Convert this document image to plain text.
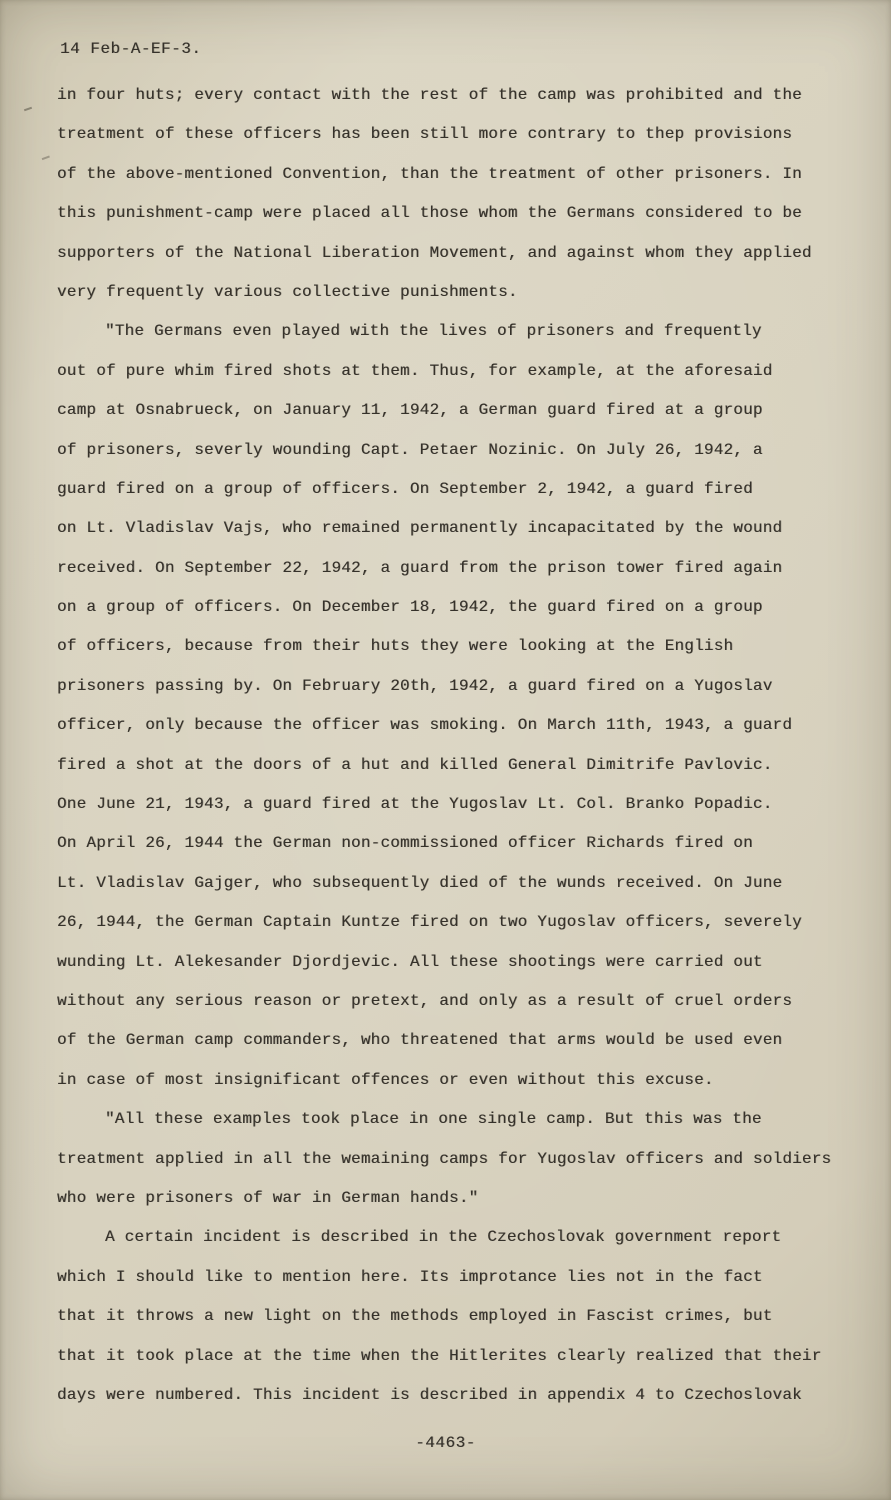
14 Feb-A-EF-3.
in four huts; every contact with the rest of the camp was prohibited and the
treatment of these officers has been still more contrary to thep provisions
of the above-mentioned Convention, than the treatment of other prisoners. In
this punishment-camp were placed all those whom the Germans considered to be
supporters of the National Liberation Movement, and against whom they applied
very frequently various collective punishments.
"The Germans even played with the lives of prisoners and frequently
out of pure whim fired shots at them. Thus, for example, at the aforesaid
camp at Osnabrueck, on January 11, 1942, a German guard fired at a group
of prisoners, severly wounding Capt. Petaer Nozinic. On July 26, 1942, a
guard fired on a group of officers. On September 2, 1942, a guard fired
on Lt. Vladislav Vajs, who remained permanently incapacitated by the wound
received. On September 22, 1942, a guard from the prison tower fired again
on a group of officers. On December 18, 1942, the guard fired on a group
of officers, because from their huts they were looking at the English
prisoners passing by. On February 20th, 1942, a guard fired on a Yugoslav
officer, only because the officer was smoking. On March 11th, 1943, a guard
fired a shot at the doors of a hut and killed General Dimitrife Pavlovic.
One June 21, 1943, a guard fired at the Yugoslav Lt. Col. Branko Popadic.
On April 26, 1944 the German non-commissioned officer Richards fired on
Lt. Vladislav Gajger, who subsequently died of the wunds received. On June
26, 1944, the German Captain Kuntze fired on two Yugoslav officers, severely
wunding Lt. Alekesander Djordjevic. All these shootings were carried out
without any serious reason or pretext, and only as a result of cruel orders
of the German camp commanders, who threatened that arms would be used even
in case of most insignificant offences or even without this excuse.
"All these examples took place in one single camp. But this was the
treatment applied in all the wemaining camps for Yugoslav officers and soldiers
who were prisoners of war in German hands."
A certain incident is described in the Czechoslovak government report
which I should like to mention here. Its improtance lies not in the fact
that it throws a new light on the methods employed in Fascist crimes, but
that it took place at the time when the Hitlerites clearly realized that their
days were numbered. This incident is described in appendix 4 to Czechoslovak
-4463-
